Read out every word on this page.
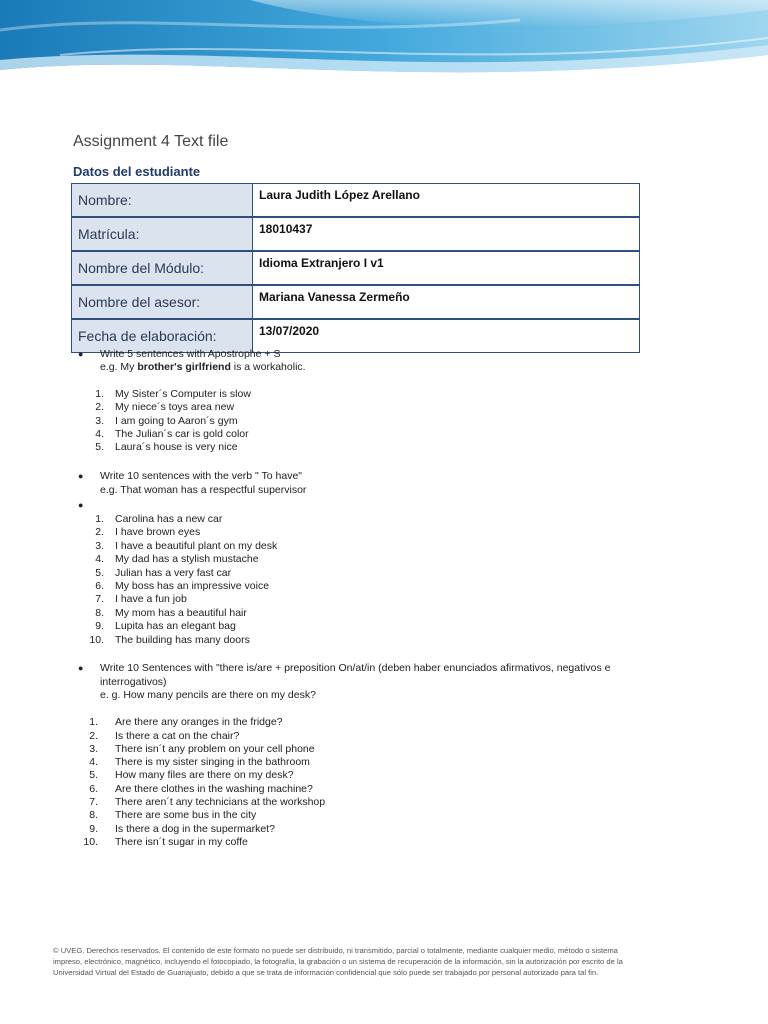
Assignment 4 Text file
Datos del estudiante
Nombre:	Laura Judith López Arellano
Matrícula:	18010437
Nombre del Módulo:	Idioma Extranjero I v1
Nombre del asesor:	Mariana Vanessa Zermeño
Fecha de elaboración:	13/07/2020
● Write 5 sentences with Apostrophe + S
e.g. My brother's girlfriend is a workaholic.
1. My Sister´s Computer is slow
2. My niece´s toys area new
3. I am going to Aaron´s gym
4. The Julian´s car is gold color
5. Laura´s house is very nice
● Write 10 sentences with the verb " To have"
e.g. That woman has a respectful supervisor
●
1. Carolina has a new car
2. I have brown eyes
3. I have a beautiful plant on my desk
4. My dad has a stylish mustache
5. Julian has a very fast car
6. My boss has an impressive voice
7. I have a fun job
8. My mom has a beautiful hair
9. Lupita has an elegant bag
10. The building has many doors
● Write 10 Sentences with "there is/are + preposition On/at/in (deben haber enunciados afirmativos, negativos e
interrogativos)
e. g. How many pencils are there on my desk?
1. Are there any oranges in the fridge?
2. Is there a cat on the chair?
3. There isn´t any problem on your cell phone
4. There is my sister singing in the bathroom
5. How many files are there on my desk?
6. Are there clothes in the washing machine?
7. There aren´t any technicians at the workshop
8. There are some bus in the city
9. Is there a dog in the supermarket?
10. There isn´t sugar in my coffe
© UVEG. Derechos reservados. El contenido de este formato no puede ser distribuido, ni transmitido, parcial o totalmente, mediante cualquier medio, método o sistema
impreso, electrónico, magnético, incluyendo el fotocopiado, la fotografía, la grabación o un sistema de recuperación de la información, sin la autorización por escrito de la
Universidad Virtual del Estado de Guanajuato, debido a que se trata de información confidencial que sólo puede ser trabajado por personal autorizado para tal fin.
